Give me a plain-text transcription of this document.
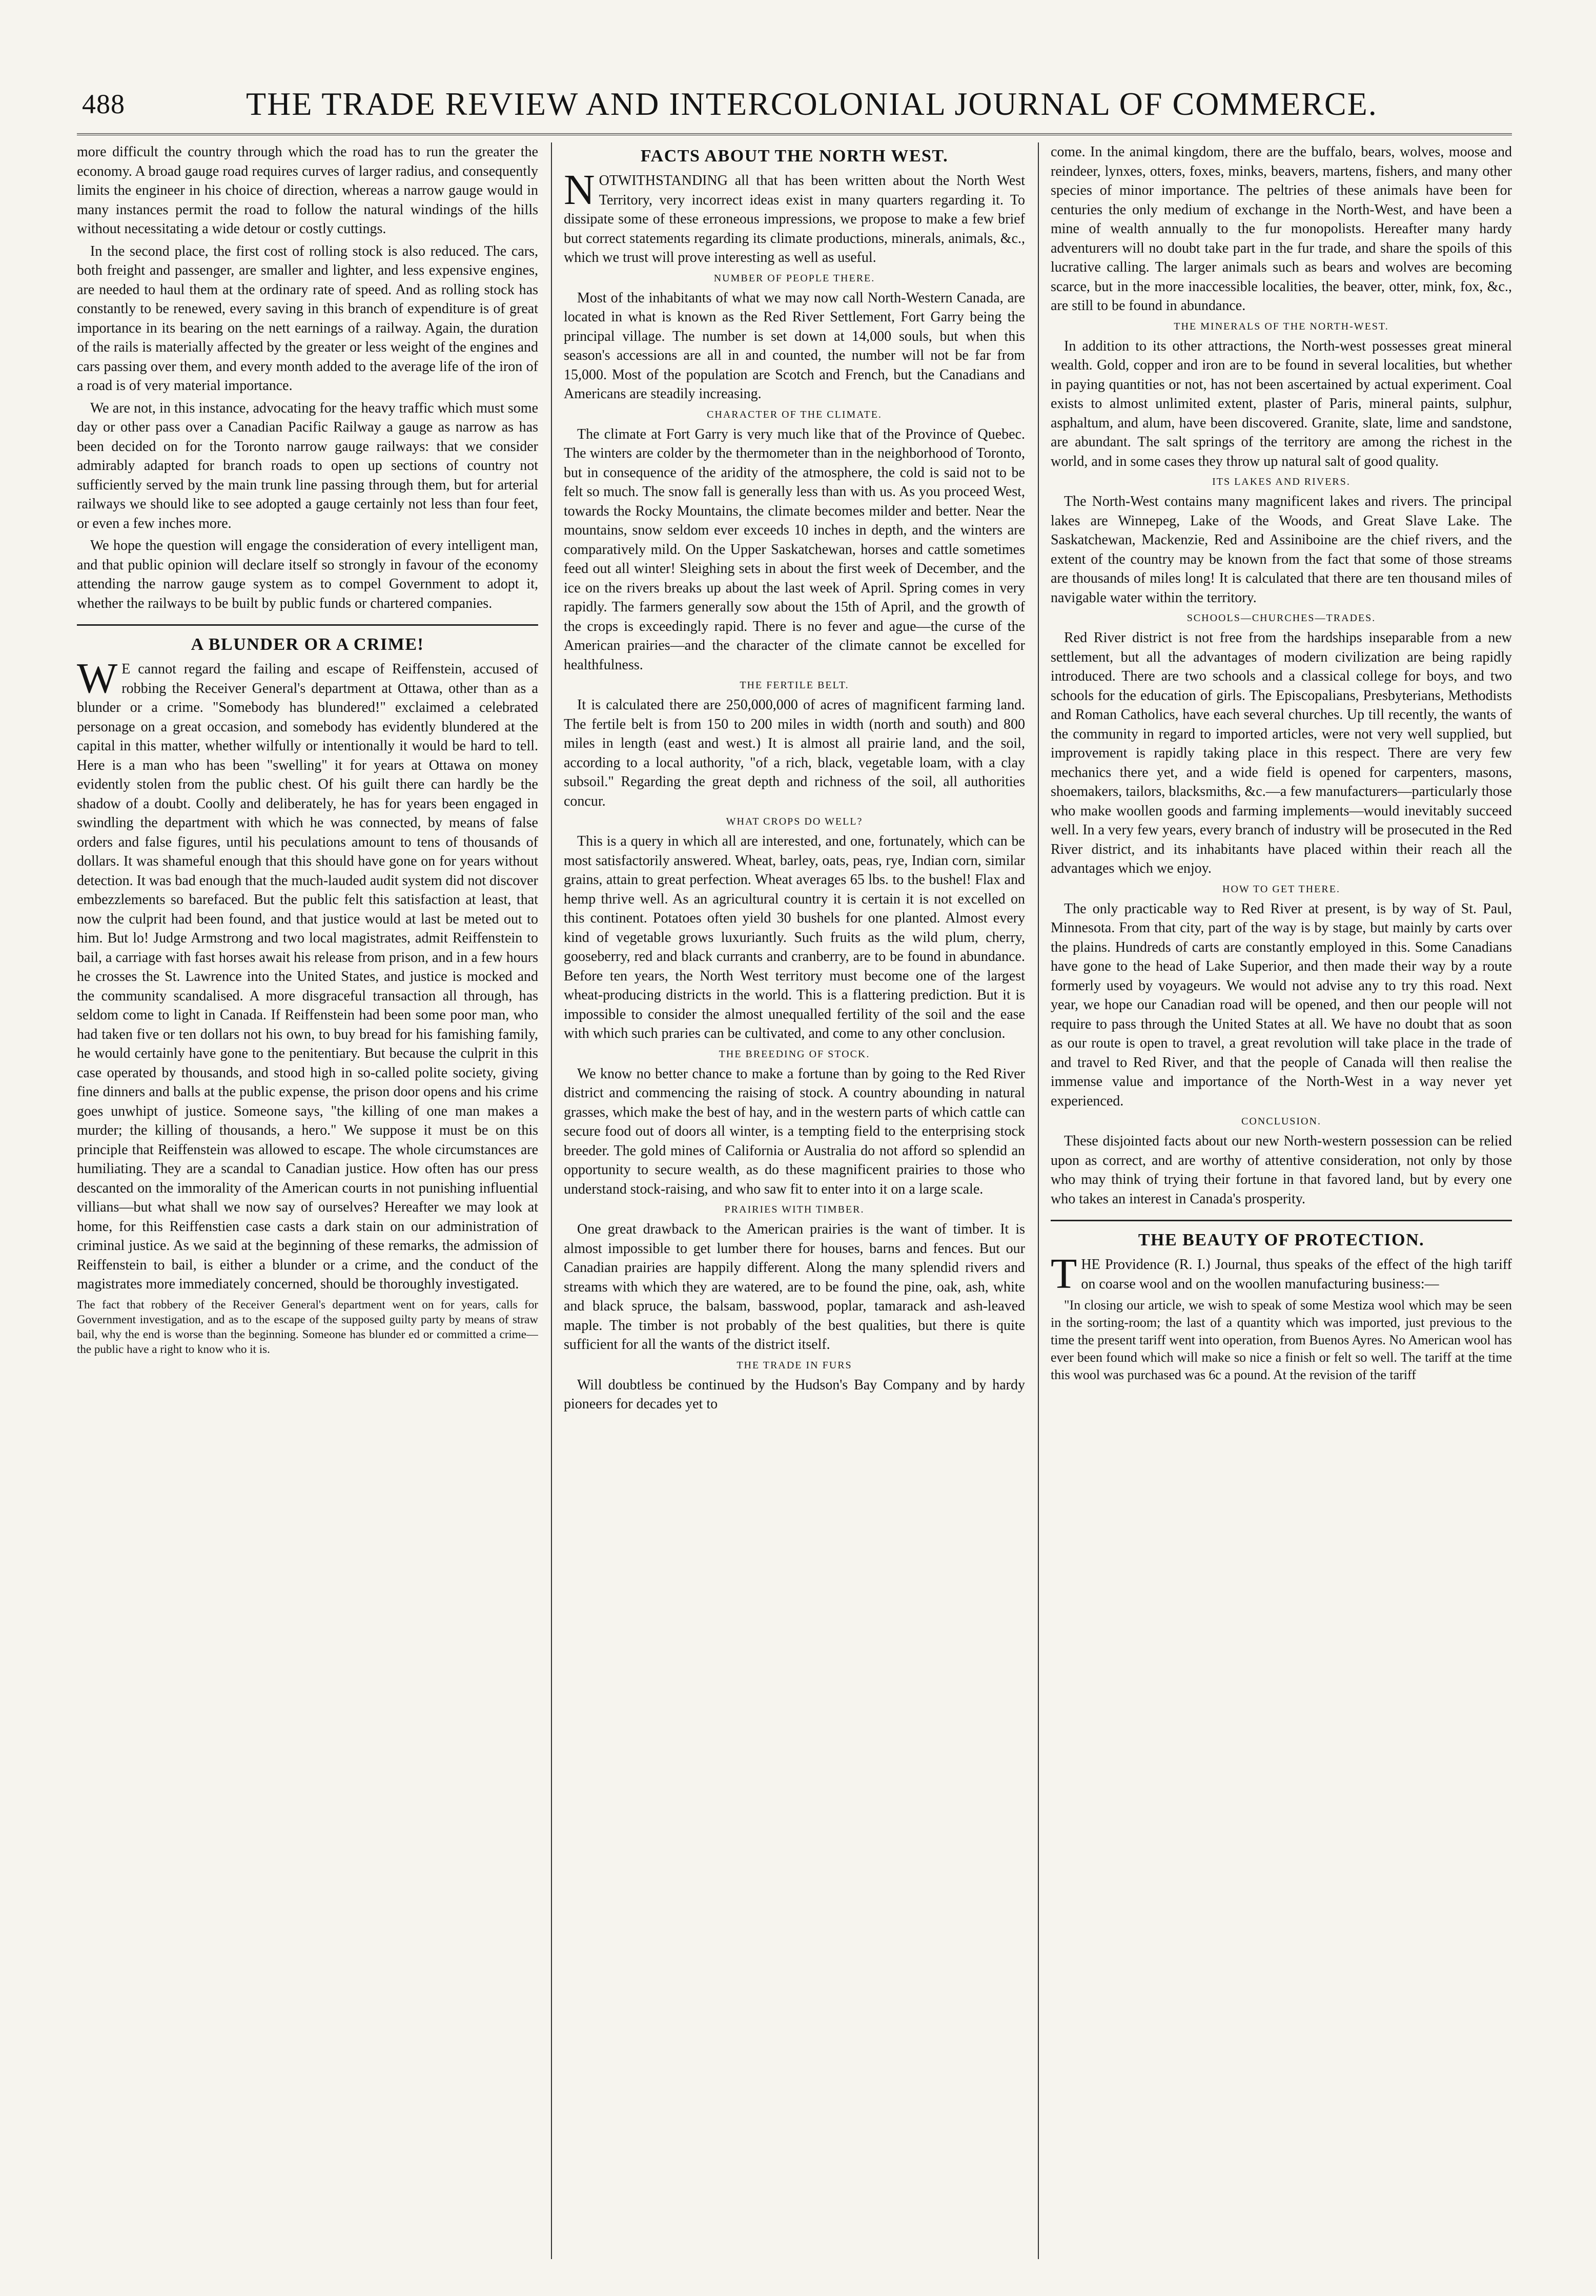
488	THE TRADE REVIEW AND INTERCOLONIAL JOURNAL OF COMMERCE.

more difficult the country through which the road has to run the greater the economy. A broad gauge road requires curves of larger radius, and consequently limits the engineer in his choice of direction, whereas a narrow gauge would in many instances permit the road to follow the natural windings of the hills without necessitating a wide detour or costly cuttings.

In the second place, the first cost of rolling stock is also reduced. The cars, both freight and passenger, are smaller and lighter, and less expensive engines, are needed to haul them at the ordinary rate of speed. And as rolling stock has constantly to be renewed, every saving in this branch of expenditure is of great importance in its bearing on the nett earnings of a railway. Again, the duration of the rails is materially affected by the greater or less weight of the engines and cars passing over them, and every month added to the average life of the iron of a road is of very material importance.

We are not, in this instance, advocating for the heavy traffic which must some day or other pass over a Canadian Pacific Railway a gauge as narrow as has been decided on for the Toronto narrow gauge railways: that we consider admirably adapted for branch roads to open up sections of country not sufficiently served by the main trunk line passing through them, but for arterial railways we should like to see adopted a gauge certainly not less than four feet, or even a few inches more.

We hope the question will engage the consideration of every intelligent man, and that public opinion will declare itself so strongly in favour of the economy attending the narrow gauge system as to compel Government to adopt it, whether the railways to be built by public funds or chartered companies.

A BLUNDER OR A CRIME!

W E cannot regard the failing and escape of Reiffenstein, accused of robbing the Receiver General's department at Ottawa, other than as a blunder or a crime. "Somebody has blundered!" exclaimed a celebrated personage on a great occasion, and somebody has evidently blundered at the capital in this matter, whether wilfully or intentionally it would be hard to tell. Here is a man who has been "swelling" it for years at Ottawa on money evidently stolen from the public chest. Of his guilt there can hardly be the shadow of a doubt. Coolly and deliberately, he has for years been engaged in swindling the department with which he was connected, by means of false orders and false figures, until his peculations amount to tens of thousands of dollars. It was shameful enough that this should have gone on for years without detection. It was bad enough that the much-lauded audit system did not discover embezzlements so barefaced. But the public felt this satisfaction at least, that now the culprit had been found, and that justice would at last be meted out to him. But lo! Judge Armstrong and two local magistrates, admit Reiffenstein to bail, a carriage with fast horses await his release from prison, and in a few hours he crosses the St. Lawrence into the United States, and justice is mocked and the community scandalised. A more disgraceful transaction all through, has seldom come to light in Canada. If Reiffenstein had been some poor man, who had taken five or ten dollars not his own, to buy bread for his famishing family, he would certainly have gone to the penitentiary. But because the culprit in this case operated by thousands, and stood high in so-called polite society, giving fine dinners and balls at the public expense, the prison door opens and his crime goes unwhipt of justice. Someone says, "the killing of one man makes a murder; the killing of thousands, a hero." We suppose it must be on this principle that Reiffenstein was allowed to escape. The whole circumstances are humiliating. They are a scandal to Canadian justice. How often has our press descanted on the immorality of the American courts in not punishing influential villians—but what shall we now say of ourselves? Hereafter we may look at home, for this Reiffenstien case casts a dark stain on our administration of criminal justice. As we said at the beginning of these remarks, the admission of Reiffenstein to bail, is either a blunder or a crime, and the conduct of the magistrates more immediately concerned, should be thoroughly investigated.

The fact that robbery of the Receiver General's department went on for years, calls for Government investigation, and as to the escape of the supposed guilty party by means of straw bail, why the end is worse than the beginning. Someone has blunder ed or committed a crime—the public have a right to know who it is.

FACTS ABOUT THE NORTH WEST.

NOTWITHSTANDING all that has been written about the North West Territory, very incorrect ideas exist in many quarters regarding it. To dissipate some of these erroneous impressions, we propose to make a few brief but correct statements regarding its climate productions, minerals, animals, &c., which we trust will prove interesting as well as useful.

NUMBER OF PEOPLE THERE.

Most of the inhabitants of what we may now call North-Western Canada, are located in what is known as the Red River Settlement, Fort Garry being the principal village. The number is set down at 14,000 souls, but when this season's accessions are all in and counted, the number will not be far from 15,000. Most of the population are Scotch and French, but the Canadians and Americans are steadily increasing.

CHARACTER OF THE CLIMATE.

The climate at Fort Garry is very much like that of the Province of Quebec. The winters are colder by the thermometer than in the neighborhood of Toronto, but in consequence of the aridity of the atmosphere, the cold is said not to be felt so much. The snow fall is generally less than with us. As you proceed West, towards the Rocky Mountains, the climate becomes milder and better. Near the mountains, snow seldom ever exceeds 10 inches in depth, and the winters are comparatively mild. On the Upper Saskatchewan, horses and cattle sometimes feed out all winter! Sleighing sets in about the first week of December, and the ice on the rivers breaks up about the last week of April. Spring comes in very rapidly. The farmers generally sow about the 15th of April, and the growth of the crops is exceedingly rapid. There is no fever and ague—the curse of the American prairies—and the character of the climate cannot be excelled for healthfulness.

THE FERTILE BELT.

It is calculated there are 250,000,000 of acres of magnificent farming land. The fertile belt is from 150 to 200 miles in width (north and south) and 800 miles in length (east and west.) It is almost all prairie land, and the soil, according to a local authority, "of a rich, black, vegetable loam, with a clay subsoil." Regarding the great depth and richness of the soil, all authorities concur.

WHAT CROPS DO WELL?

This is a query in which all are interested, and one, fortunately, which can be most satisfactorily answered. Wheat, barley, oats, peas, rye, Indian corn, similar grains, attain to great perfection. Wheat averages 65 lbs. to the bushel! Flax and hemp thrive well. As an agricultural country it is certain it is not excelled on this continent. Potatoes often yield 30 bushels for one planted. Almost every kind of vegetable grows luxuriantly. Such fruits as the wild plum, cherry, gooseberry, red and black currants and cranberry, are to be found in abundance. Before ten years, the North West territory must become one of the largest wheat-producing districts in the world. This is a flattering prediction. But it is impossible to consider the almost unequalled fertility of the soil and the ease with which such praries can be cultivated, and come to any other conclusion.

THE BREEDING OF STOCK.

We know no better chance to make a fortune than by going to the Red River district and commencing the raising of stock. A country abounding in natural grasses, which make the best of hay, and in the western parts of which cattle can secure food out of doors all winter, is a tempting field to the enterprising stock breeder. The gold mines of California or Australia do not afford so splendid an opportunity to secure wealth, as do these magnificent prairies to those who understand stock-raising, and who saw fit to enter into it on a large scale.

PRAIRIES WITH TIMBER.

One great drawback to the American prairies is the want of timber. It is almost impossible to get lumber there for houses, barns and fences. But our Canadian prairies are happily different. Along the many splendid rivers and streams with which they are watered, are to be found the pine, oak, ash, white and black spruce, the balsam, basswood, poplar, tamarack and ash-leaved maple. The timber is not probably of the best qualities, but there is quite sufficient for all the wants of the district itself.

THE TRADE IN FURS

Will doubtless be continued by the Hudson's Bay Company and by hardy pioneers for decades yet to

come. In the animal kingdom, there are the buffalo, bears, wolves, moose and reindeer, lynxes, otters, foxes, minks, beavers, martens, fishers, and many other species of minor importance. The peltries of these animals have been for centuries the only medium of exchange in the North-West, and have been a mine of wealth annually to the fur monopolists. Hereafter many hardy adventurers will no doubt take part in the fur trade, and share the spoils of this lucrative calling. The larger animals such as bears and wolves are becoming scarce, but in the more inaccessible localities, the beaver, otter, mink, fox, &c., are still to be found in abundance.

THE MINERALS OF THE NORTH-WEST.

In addition to its other attractions, the North-west possesses great mineral wealth. Gold, copper and iron are to be found in several localities, but whether in paying quantities or not, has not been ascertained by actual experiment. Coal exists to almost unlimited extent, plaster of Paris, mineral paints, sulphur, asphaltum, and alum, have been discovered. Granite, slate, lime and sandstone, are abundant. The salt springs of the territory are among the richest in the world, and in some cases they throw up natural salt of good quality.

ITS LAKES AND RIVERS.

The North-West contains many magnificent lakes and rivers. The principal lakes are Winnepeg, Lake of the Woods, and Great Slave Lake. The Saskatchewan, Mackenzie, Red and Assiniboine are the chief rivers, and the extent of the country may be known from the fact that some of those streams are thousands of miles long! It is calculated that there are ten thousand miles of navigable water within the territory.

SCHOOLS—CHURCHES—TRADES.

Red River district is not free from the hardships inseparable from a new settlement, but all the advantages of modern civilization are being rapidly introduced. There are two schools and a classical college for boys, and two schools for the education of girls. The Episcopalians, Presbyterians, Methodists and Roman Catholics, have each several churches. Up till recently, the wants of the community in regard to imported articles, were not very well supplied, but improvement is rapidly taking place in this respect. There are very few mechanics there yet, and a wide field is opened for carpenters, masons, shoemakers, tailors, blacksmiths, &c.—a few manufacturers—particularly those who make woollen goods and farming implements—would inevitably succeed well. In a very few years, every branch of industry will be prosecuted in the Red River district, and its inhabitants have placed within their reach all the advantages which we enjoy.

HOW TO GET THERE.

The only practicable way to Red River at present, is by way of St. Paul, Minnesota. From that city, part of the way is by stage, but mainly by carts over the plains. Hundreds of carts are constantly employed in this. Some Canadians have gone to the head of Lake Superior, and then made their way by a route formerly used by voyageurs. We would not advise any to try this road. Next year, we hope our Canadian road will be opened, and then our people will not require to pass through the United States at all. We have no doubt that as soon as our route is open to travel, a great revolution will take place in the trade of and travel to Red River, and that the people of Canada will then realise the immense value and importance of the North-West in a way never yet experienced.

CONCLUSION.

These disjointed facts about our new North-western possession can be relied upon as correct, and are worthy of attentive consideration, not only by those who may think of trying their fortune in that favored land, but by every one who takes an interest in Canada's prosperity.

THE BEAUTY OF PROTECTION.

THE Providence (R. I.) Journal, thus speaks of the effect of the high tariff on coarse wool and on the woollen manufacturing business:—

"In closing our article, we wish to speak of some Mestiza wool which may be seen in the sorting-room; the last of a quantity which was imported, just previous to the time the present tariff went into operation, from Buenos Ayres. No American wool has ever been found which will make so nice a finish or felt so well. The tariff at the time this wool was purchased was 6c a pound. At the revision of the tariff
